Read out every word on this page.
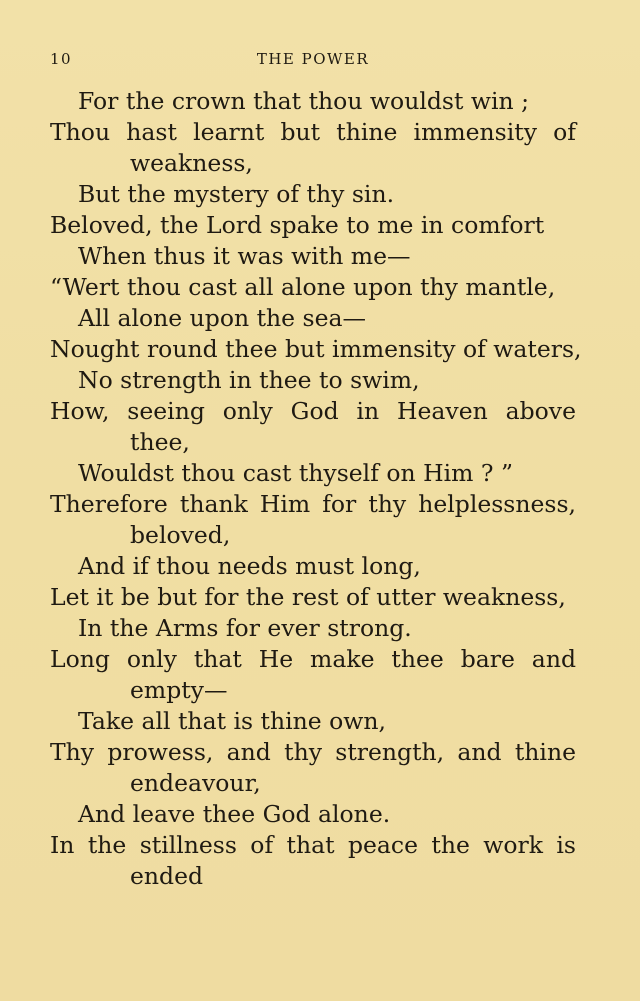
10	THE POWER
For the crown that thou wouldst win ;
Thou hast learnt but thine immensity of
weakness,
But the mystery of thy sin.
Beloved, the Lord spake to me in comfort
When thus it was with me—
“Wert thou cast all alone upon thy mantle,
All alone upon the sea—
Nought round thee but immensity of waters,
No strength in thee to swim,
How, seeing only God in Heaven above
thee,
Wouldst thou cast thyself on Him ? ”
Therefore thank Him for thy helplessness,
beloved,
And if thou needs must long,
Let it be but for the rest of utter weakness,
In the Arms for ever strong.
Long only that He make thee bare and
empty—
Take all that is thine own,
Thy prowess, and thy strength, and thine
endeavour,
And leave thee God alone.
In the stillness of that peace the work is
ended
